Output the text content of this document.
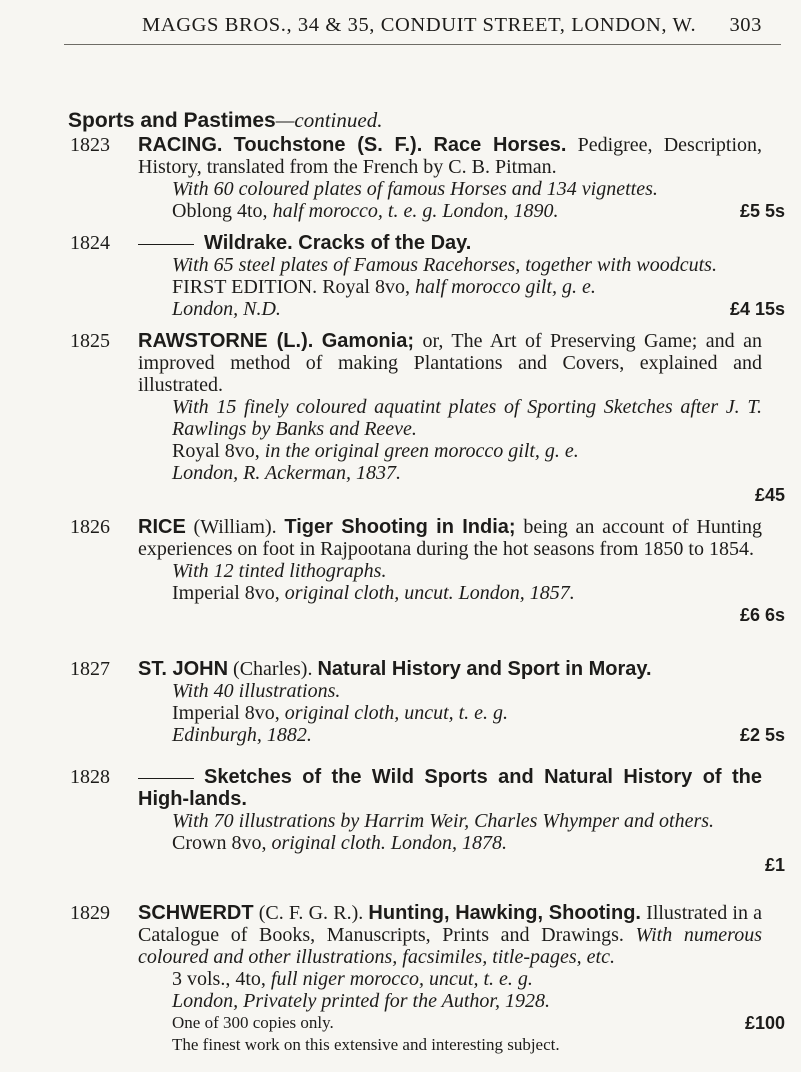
MAGGS BROS., 34 & 35, CONDUIT STREET, LONDON, W. 303
Sports and Pastimes—continued.
1823 RACING. Touchstone (S. F.). Race Horses. Pedigree, Description, History, translated from the French by C. B. Pitman.

With 60 coloured plates of famous Horses and 134 vignettes.

Oblong 4to, half morocco, t. e. g. London, 1890.	£5 5s
1824	Wildrake. Cracks of the Day.

With 65 steel plates of Famous Racehorses, together with woodcuts.

FIRST EDITION. Royal 8vo, half morocco gilt, g. e.

London, N.D.	£4 15s
1825 RAWSTORNE (L.). Gamonia; or, The Art of Preserving Game; and an improved method of making Plantations and Covers, explained and illustrated.

With 15 finely coloured aquatint plates of Sporting Sketches after J. T. Rawlings by Banks and Reeve.

Royal 8vo, in the original green morocco gilt, g. e.

London, R. Ackerman, 1837.

£45
1826 RICE (William). Tiger Shooting in India; being an account of Hunting experiences on foot in Rajpootana during the hot seasons from 1850 to 1854.

With 12 tinted lithographs.

Imperial 8vo, original cloth, uncut. London, 1857.

£6 6s
1827 ST. JOHN (Charles). Natural History and Sport in Moray.

With 40 illustrations.

Imperial 8vo, original cloth, uncut, t. e. g.

Edinburgh, 1882.	£2 5s
1828	Sketches of the Wild Sports and Natural History of the High-lands.

With 70 illustrations by Harrim Weir, Charles Whymper and others.

Crown 8vo, original cloth. London, 1878.

£1
1829 SCHWERDT (C. F. G. R.). Hunting, Hawking, Shooting. Illustrated in a Catalogue of Books, Manuscripts, Prints and Drawings. With numerous coloured and other illustrations, facsimiles, title-pages, etc.

3 vols., 4to, full niger morocco, uncut, t. e. g.

London, Privately printed for the Author, 1928.

One of 300 copies only.

The finest work on this extensive and interesting subject.

£100
